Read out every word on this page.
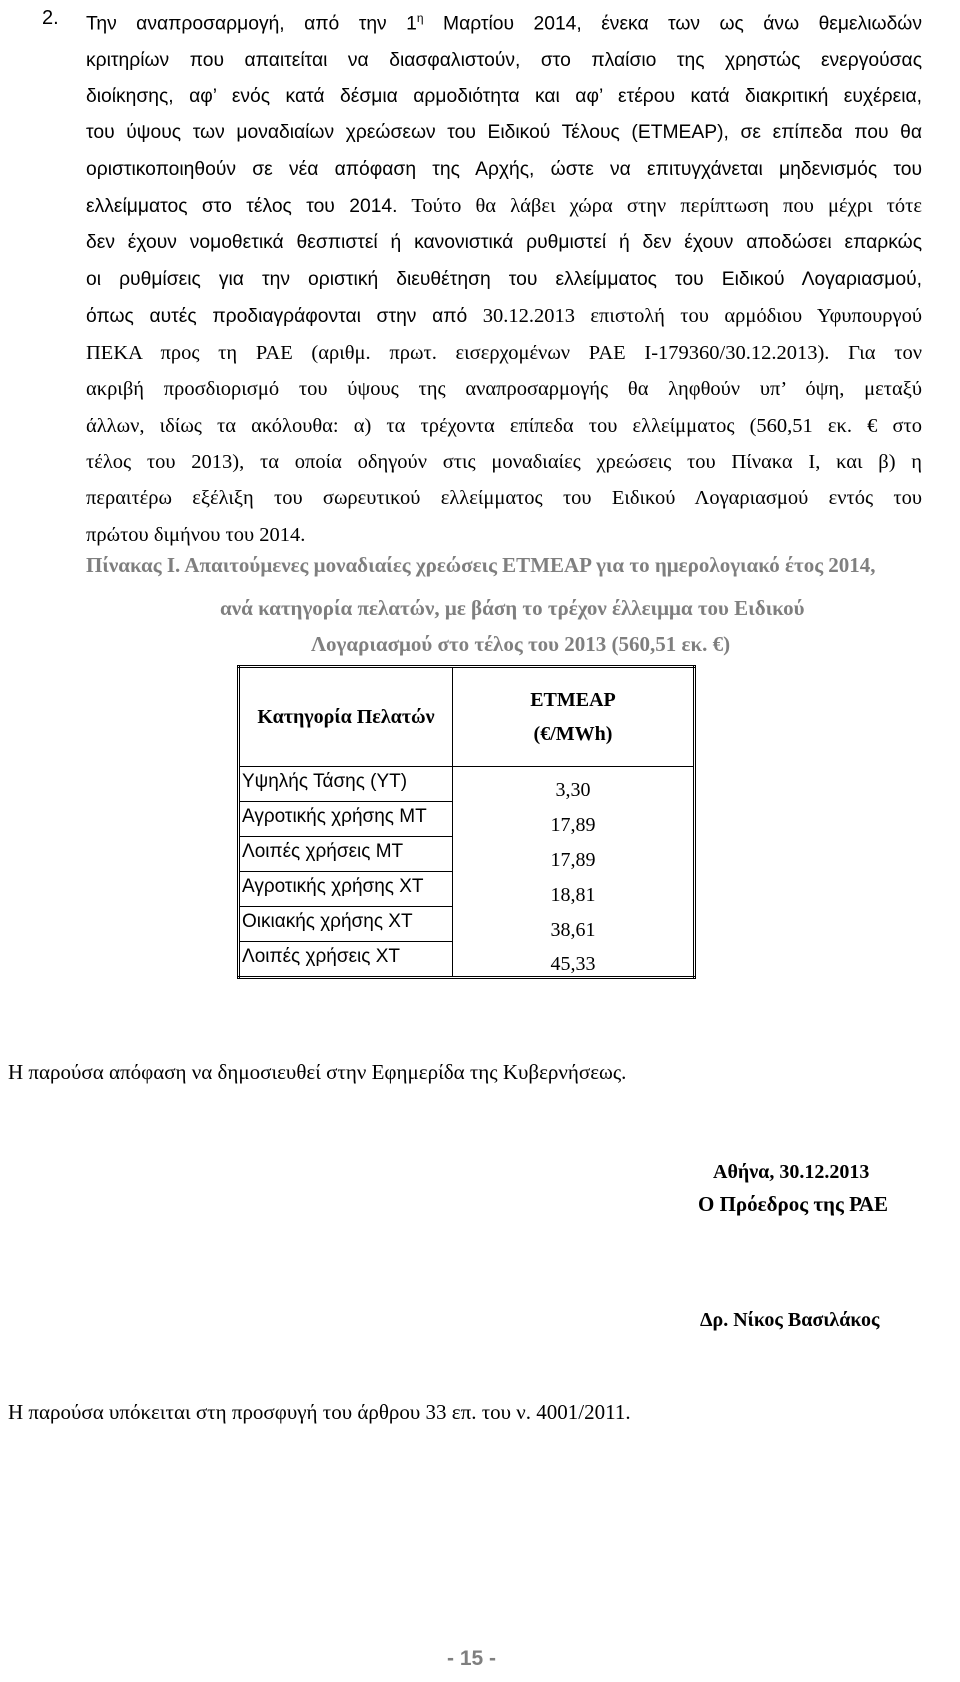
2. Την αναπροσαρμογή, από την $1^\eta$ Μαρτίου 2014, ένεκα των ως άνω θεμελιωδών
κριτηρίων που απαιτείται να διασφαλιστούν, στο πλαίσιο της χρηστώς ενεργούσας
διοίκησης, αφ’ ενός κατά δέσμια αρμοδιότητα και αφ’ ετέρου κατά διακριτική ευχέρεια,
του ύψους των μοναδιαίων χρεώσεων του Ειδικού Τέλους (ΕΤΜΕΑΡ), σε επίπεδα που θα
οριστικοποιηθούν σε νέα απόφαση της Αρχής, ώστε να επιτυγχάνεται μηδενισμός του
ελλείμματος στο τέλος του 2014. Τούτο θα λάβει χώρα στην περίπτωση που μέχρι τότε
δεν έχουν νομοθετικά θεσπιστεί ή κανονιστικά ρυθμιστεί ή δεν έχουν αποδώσει επαρκώς
οι ρυθμίσεις για την οριστική διευθέτηση του ελλείμματος του Ειδικού Λογαριασμού,
όπως αυτές προδιαγράφονται στην από 30.12.2013 επιστολή του αρμόδιου Υφυπουργού
ΠΕΚΑ προς τη ΡΑΕ (αριθμ. πρωτ. εισερχομένων ΡΑΕ Ι-179360/30.12.2013). Για τον
ακριβή προσδιορισμό του ύψους της αναπροσαρμογής θα ληφθούν υπ’ όψη, μεταξύ
άλλων, ιδίως τα ακόλουθα: α) τα τρέχοντα επίπεδα του ελλείμματος (560,51 εκ. € στο
τέλος του 2013), τα οποία οδηγούν στις μοναδιαίες χρεώσεις του Πίνακα Ι, και β) η
περαιτέρω εξέλιξη του σωρευτικού ελλείμματος του Ειδικού Λογαριασμού εντός του
πρώτου διμήνου του 2014.
Πίνακας Ι. Απαιτούμενες μοναδιαίες χρεώσεις ΕΤΜΕΑΡ για το ημερολογιακό έτος 2014,
ανά κατηγορία πελατών, με βάση το τρέχον έλλειμμα του Ειδικού
Λογαριασμού στο τέλος του 2013 (560,51 εκ. €)
Κατηγορία Πελατών	ΕΤΜΕΑΡ
(€/MWh)
Υψηλής Τάσης (ΥΤ)	3,30
Αγροτικής χρήσης ΜΤ	17,89
Λοιπές χρήσεις ΜΤ	17,89
Αγροτικής χρήσης ΧΤ	18,81
Οικιακής χρήσης ΧΤ	38,61
Λοιπές χρήσεις ΧΤ	45,33
Η παρούσα απόφαση να δημοσιευθεί στην Εφημερίδα της Κυβερνήσεως.
Αθήνα, 30.12.2013
Ο Πρόεδρος της ΡΑΕ
Δρ. Νίκος Βασιλάκος
Η παρούσα υπόκειται στη προσφυγή του άρθρου 33 επ. του ν. 4001/2011.
- 15 -
